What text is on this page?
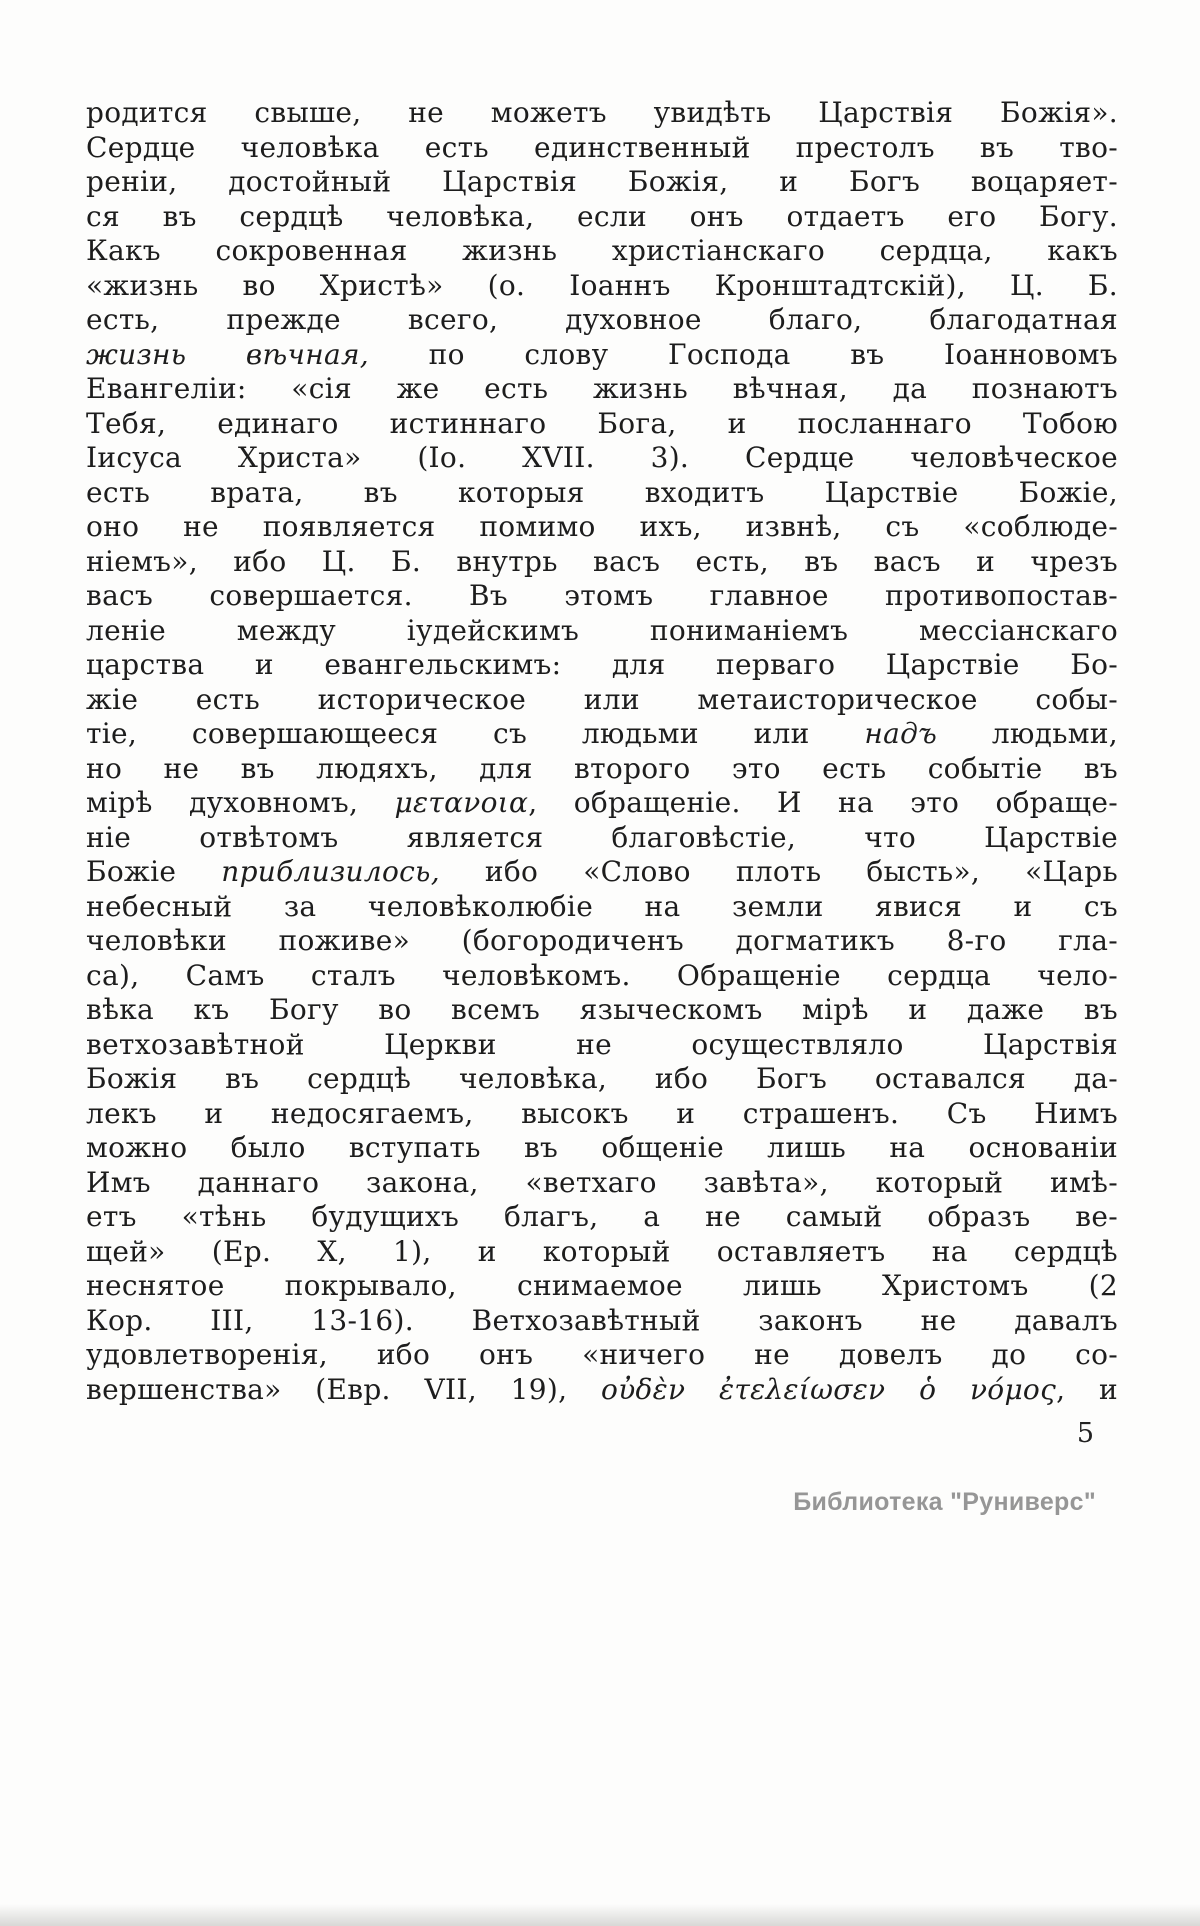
родится свыше, не можетъ увидѣть Царствія Божія».
Сердце человѣка есть единственный престолъ въ тво-
реніи, достойный Царствія Божія, и Богъ воцаряет-
ся въ сердцѣ человѣка, если онъ отдаетъ его Богу.
Какъ сокровенная жизнь христіанскаго сердца, какъ
«жизнь во Христѣ» (о. Іоаннъ Кронштадтскій), Ц. Б.
есть, прежде всего, духовное благо, благодатная
жизнь вѣчная, по слову Господа въ Іоанновомъ
Евангеліи: «сія же есть жизнь вѣчная, да познаютъ
Тебя, единаго истиннаго Бога, и посланнаго Тобою
Іисуса Христа» (Іо. XVII. 3). Сердце человѣческое
есть врата, въ которыя входитъ Царствіе Божіе,
оно не появляется помимо ихъ, извнѣ, съ «соблюде-
ніемъ», ибо Ц. Б. внутрь васъ есть, въ васъ и чрезъ
васъ совершается. Въ этомъ главное противопостав-
леніе между іудейскимъ пониманіемъ мессіанскаго
царства и евангельскимъ: для перваго Царствіе Бо-
жіе есть историческое или метаисторическое собы-
тіе, совершающееся съ людьми или надъ людьми,
но не въ людяхъ, для второго это есть событіе въ
мірѣ духовномъ, μετανοια, обращеніе. И на это обраще-
ніе отвѣтомъ является благовѣстіе, что Царствіе
Божіе приблизилось, ибо «Слово плоть бысть», «Царь
небесный за человѣколюбіе на земли явися и съ
человѣки поживе» (богородиченъ догматикъ 8-го гла-
са), Самъ сталъ человѣкомъ. Обращеніе сердца чело-
вѣка къ Богу во всемъ языческомъ мірѣ и даже въ
ветхозавѣтной Церкви не осуществляло Царствія
Божія въ сердцѣ человѣка, ибо Богъ оставался да-
лекъ и недосягаемъ, высокъ и страшенъ. Съ Нимъ
можно было вступать въ общеніе лишь на основаніи
Имъ даннаго закона, «ветхаго завѣта», который имѣ-
етъ «тѣнь будущихъ благъ, а не самый образъ ве-
щей» (Ер. X, 1), и который оставляетъ на сердцѣ
неснятое покрывало, снимаемое лишь Христомъ (2
Кор. III, 13-16). Ветхозавѣтный законъ не давалъ
удовлетворенія, ибо онъ «ничего не довелъ до со-
вершенства» (Евр. VII, 19), οὐδὲν ἐτελείωσεν ὁ νόμος, и
5
Библиотека "Руниверс"
